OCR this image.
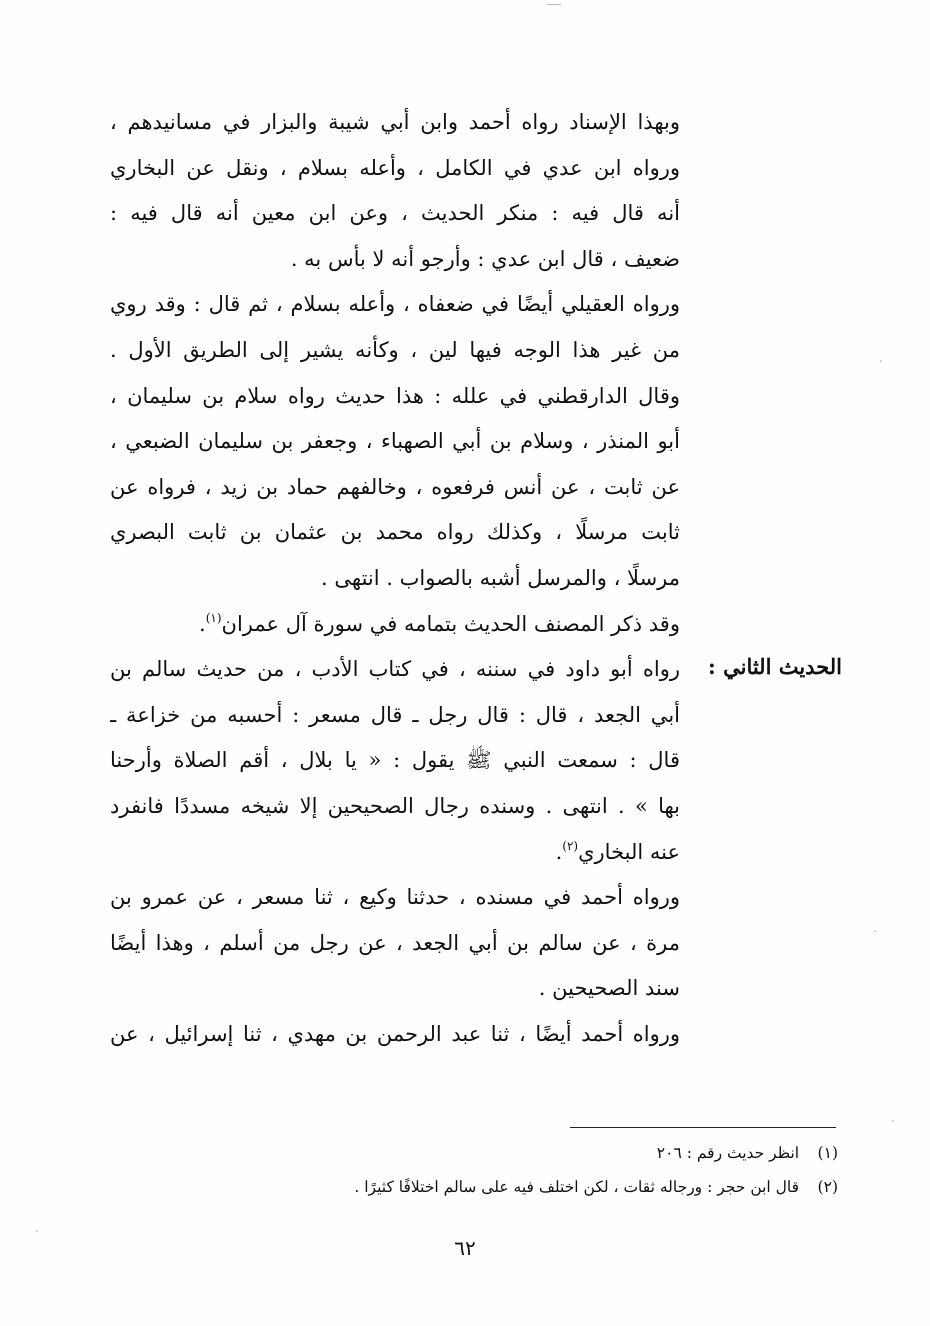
الحديث الثاني :
وبهذا الإسناد رواه أحمد وابن أبي شيبة والبزار في مسانيدهم ،
ورواه ابن عدي في الكامل ، وأعله بسلام ، ونقل عن البخاري
أنه قال فيه : منكر الحديث ، وعن ابن معين أنه قال فيه :
ضعيف ، قال ابن عدي : وأرجو أنه لا بأس به .
ورواه العقيلي أيضًا في ضعفاه ، وأعله بسلام ، ثم قال : وقد روي
من غير هذا الوجه فيها لين ، وكأنه يشير إلى الطريق الأول .
وقال الدارقطني في علله : هذا حديث رواه سلام بن سليمان ،
أبو المنذر ، وسلام بن أبي الصهباء ، وجعفر بن سليمان الضبعي ،
عن ثابت ، عن أنس فرفعوه ، وخالفهم حماد بن زيد ، فرواه عن
ثابت مرسلًا ، وكذلك رواه محمد بن عثمان بن ثابت البصري
مرسلًا ، والمرسل أشبه بالصواب . انتهى .
وقد ذكر المصنف الحديث بتمامه في سورة آل عمران$^{(١)}$.
رواه أبو داود في سننه ، في كتاب الأدب ، من حديث سالم بن
أبي الجعد ، قال : قال رجل ـ قال مسعر : أحسبه من خزاعة ـ
قال : سمعت النبي ﷺ يقول : « يا بلال ، أقم الصلاة وأرحنا
بها » . انتهى . وسنده رجال الصحيحين إلا شيخه مسددًا فانفرد
عنه البخاري$^{(٢)}$.
ورواه أحمد في مسنده ، حدثنا وكيع ، ثنا مسعر ، عن عمرو بن
مرة ، عن سالم بن أبي الجعد ، عن رجل من أسلم ، وهذا أيضًا
سند الصحيحين .
ورواه أحمد أيضًا ، ثنا عبد الرحمن بن مهدي ، ثنا إسرائيل ، عن
(١) انظر حديث رقم : ٢٠٦
(٢) قال ابن حجر : ورجاله ثقات ، لكن اختلف فيه على سالم اختلافًا كثيرًا .
٦٢
